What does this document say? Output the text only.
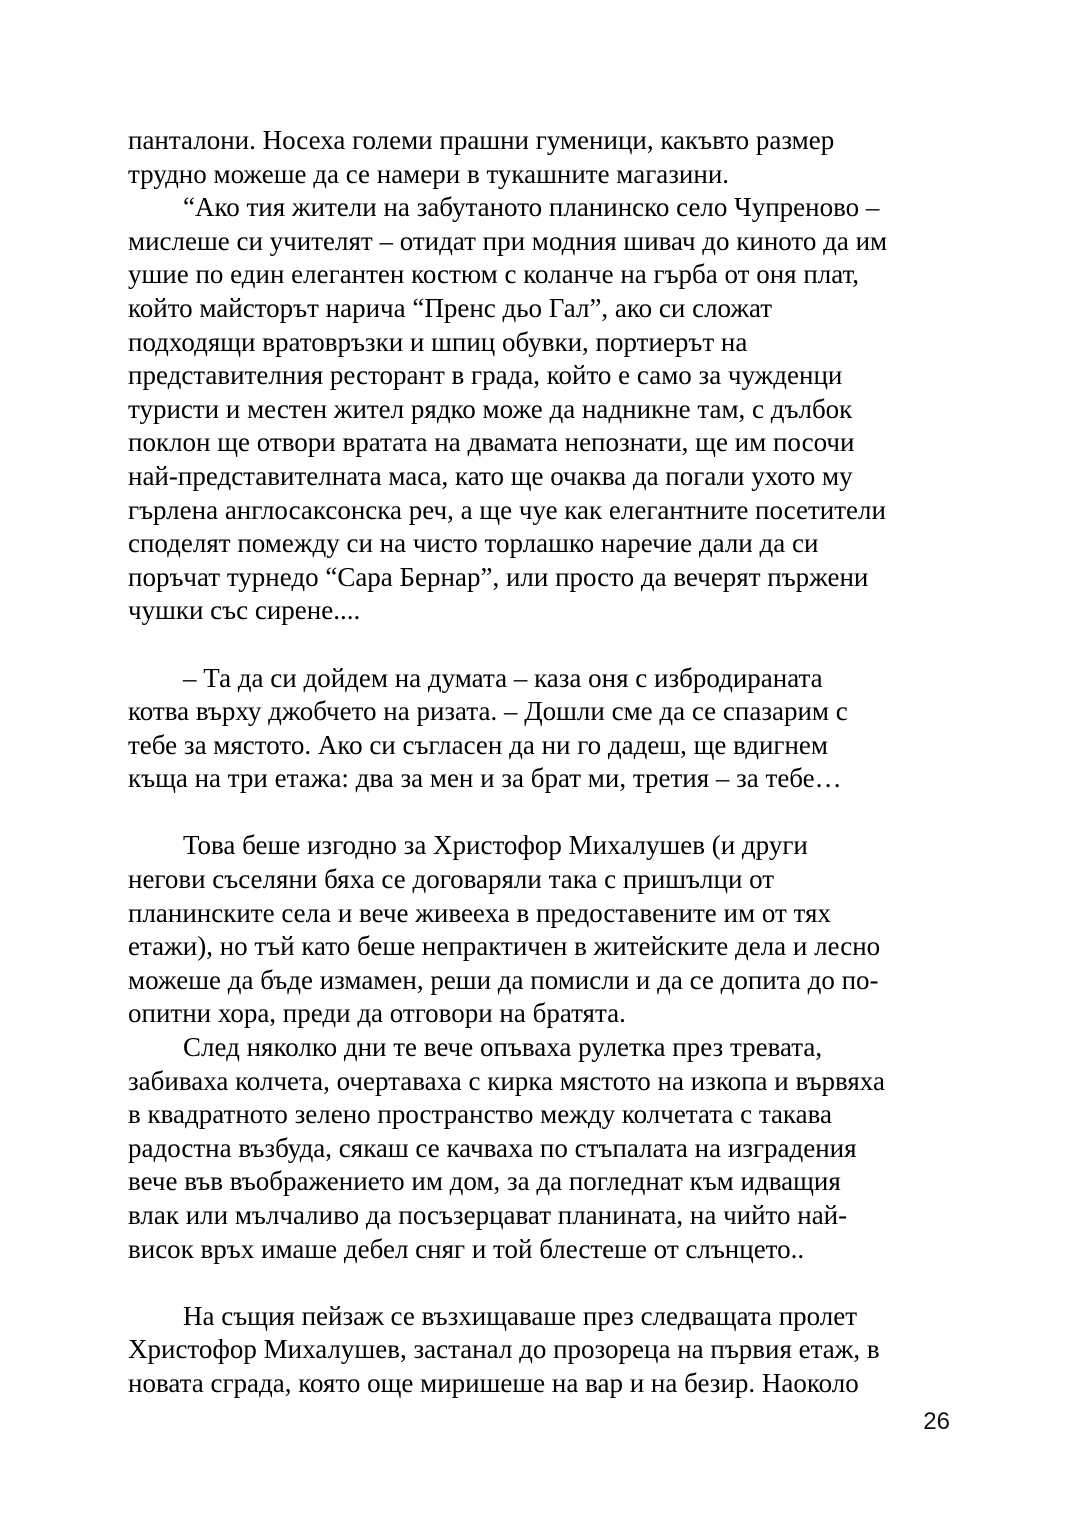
панталони. Носеха големи прашни гуменици, какъвто размер
трудно можеше да се намери в тукашните магазини.
“Ако тия жители на забутаното планинско село Чупреново –
мислеше си учителят – отидат при модния шивач до киното да им
ушие по един елегантен костюм с коланче на гърба от оня плат,
който майсторът нарича “Пренс дьо Гал”, ако си сложат
подходящи вратовръзки и шпиц обувки, портиерът на
представителния ресторант в града, който е само за чужденци
туристи и местен жител рядко може да надникне там, с дълбок
поклон ще отвори вратата на двамата непознати, ще им посочи
най-представителната маса, като ще очаква да погали ухото му
гърлена англосаксонска реч, а ще чуе как елегантните посетители
споделят помежду си на чисто торлашко наречие дали да си
поръчат турнедо “Сара Бернар”, или просто да вечерят пържени
чушки със сирене....
– Та да си дойдем на думата – каза оня с избродираната
котва върху джобчето на ризата. – Дошли сме да се спазарим с
тебе за мястото. Ако си съгласен да ни го дадеш, ще вдигнем
къща на три етажа: два за мен и за брат ми, третия – за тебе…
Това беше изгодно за Христофор Михалушев (и други
негови съселяни бяха се договаряли така с пришълци от
планинските села и вече живееха в предоставените им от тях
етажи), но тъй като беше непрактичен в житейските дела и лесно
можеше да бъде измамен, реши да помисли и да се допита до по-
опитни хора, преди да отговори на братята.
След няколко дни те вече опъваха рулетка през тревата,
забиваха колчета, очертаваха с кирка мястото на изкопа и вървяха
в квадратното зелено пространство между колчетата с такава
радостна възбуда, сякаш се качваха по стъпалата на изградения
вече във въображението им дом, за да погледнат към идващия
влак или мълчаливо да посъзерцават планината, на чийто най-
висок връх имаше дебел сняг и той блестеше от слънцето..
На същия пейзаж се възхищаваше през следващата пролет
Христофор Михалушев, застанал до прозореца на първия етаж, в
новата сграда, която още миришеше на вар и на безир. Наоколо
26
